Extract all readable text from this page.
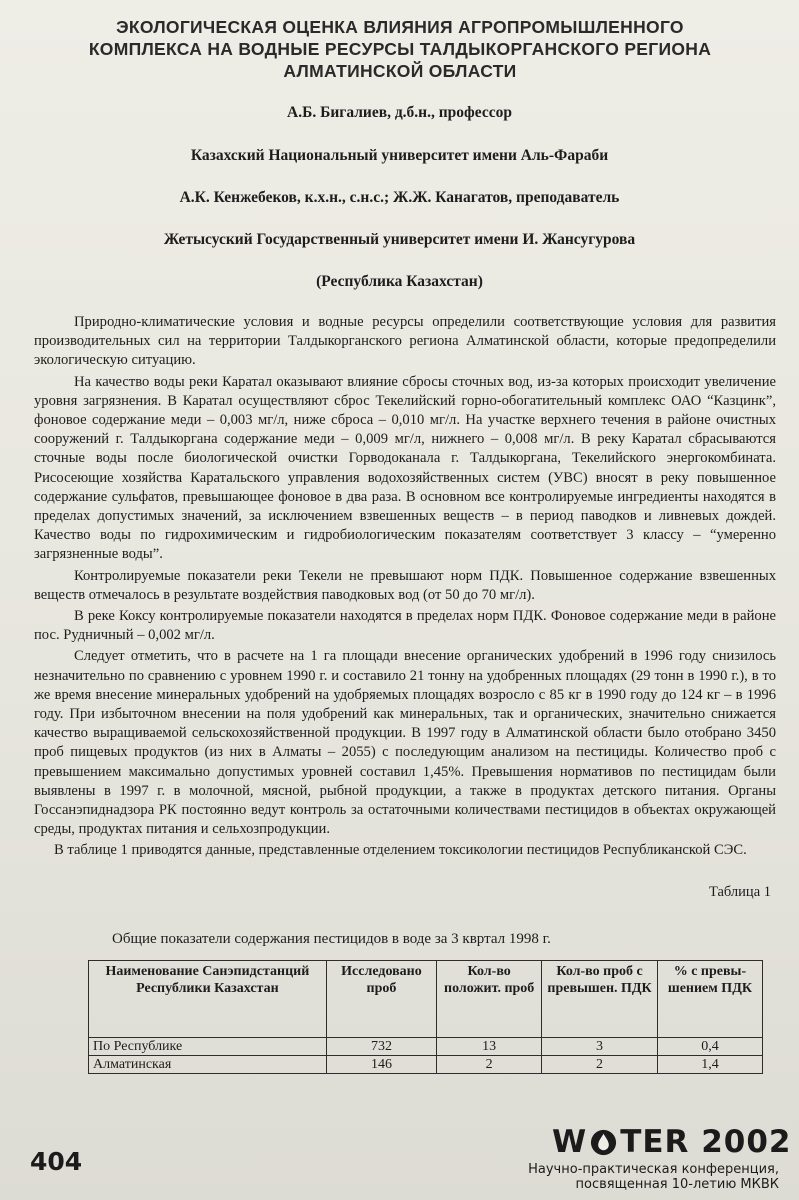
ЭКОЛОГИЧЕСКАЯ ОЦЕНКА ВЛИЯНИЯ АГРОПРОМЫШЛЕННОГО
КОМПЛЕКСА НА ВОДНЫЕ РЕСУРСЫ ТАЛДЫКОРГАНСКОГО РЕГИОНА
АЛМАТИНСКОЙ ОБЛАСТИ
А.Б. Бигалиев, д.б.н., профессор
Казахский Национальный университет имени Аль-Фараби
А.К. Кенжебеков, к.х.н., с.н.с.; Ж.Ж. Канагатов, преподаватель
Жетысуский Государственный университет имени И. Жансугурова
(Республика Казахстан)

Природно-климатические условия и водные ресурсы определили соответствующие условия для развития производительных сил на территории Талдыкорганского региона Алматинской области, которые предопределили экологическую ситуацию.

На качество воды реки Каратал оказывают влияние сбросы сточных вод, из-за которых происходит увеличение уровня загрязнения. В Каратал осуществляют сброс Текелийский горно-обогатительный комплекс ОАО “Казцинк”, фоновое содержание меди – 0,003 мг/л, ниже сброса – 0,010 мг/л. На участке верхнего течения в районе очистных сооружений г. Талдыкоргана содержание меди – 0,009 мг/л, нижнего – 0,008 мг/л. В реку Каратал сбрасываются сточные воды после биологической очистки Горводоканала г. Талдыкоргана, Текелийского энергокомбината. Рисосеющие хозяйства Каратальского управления водохозяйственных систем (УВС) вносят в реку повышенное содержание сульфатов, превышающее фоновое в два раза. В основном все контролируемые ингредиенты находятся в пределах допустимых значений, за исключением взвешенных веществ – в период паводков и ливневых дождей. Качество воды по гидрохимическим и гидробиологическим показателям соответствует 3 классу – “умеренно загрязненные воды”.

Контролируемые показатели реки Текели не превышают норм ПДК. Повышенное содержание взвешенных веществ отмечалось в результате воздействия паводковых вод (от 50 до 70 мг/л).

В реке Коксу контролируемые показатели находятся в пределах норм ПДК. Фоновое содержание меди в районе пос. Рудничный – 0,002 мг/л.

Следует отметить, что в расчете на 1 га площади внесение органических удобрений в 1996 году снизилось незначительно по сравнению с уровнем 1990 г. и составило 21 тонну на удобренных площадях (29 тонн в 1990 г.), в то же время внесение минеральных удобрений на удобряемых площадях возросло с 85 кг в 1990 году до 124 кг – в 1996 году. При избыточном внесении на поля удобрений как минеральных, так и органических, значительно снижается качество выращиваемой сельскохозяйственной продукции. В 1997 году в Алматинской области было отобрано 3450 проб пищевых продуктов (из них в Алматы – 2055) с последующим анализом на пестициды. Количество проб с превышением максимально допустимых уровней составил 1,45%. Превышения нормативов по пестицидам были выявлены в 1997 г. в молочной, мясной, рыбной продукции, а также в продуктах детского питания. Органы Госсанэпиднадзора РК постоянно ведут контроль за остаточными количествами пестицидов в объектах окружающей среды, продуктах питания и сельхозпродукции.

В таблице 1 приводятся данные, представленные отделением токсикологии пестицидов Республиканской СЭС.

Таблица 1
Общие показатели содержания пестицидов в воде за 3 квртал 1998 г.
Наименование Санэпидстанций Республики Казахстан	Исследовано проб	Кол-во положит. проб	Кол-во проб с превышен. ПДК	% с превы-шением ПДК
По Республике	732	13	3	0,4
Алматинская	146	2	2	1,4
404
W TER 2002
Научно-практическая конференция,
посвященная 10-летию МКВК
